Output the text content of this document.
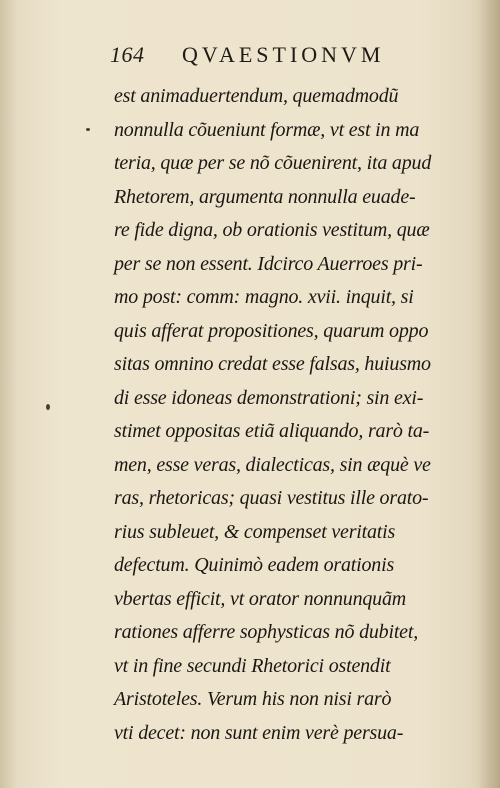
164 QVAESTIONVM
est animaduertendum, quemadmodũ
nonnulla cõueniunt formæ, vt est in ma
teria, quæ per se nõ cõuenirent, ita apud
Rhetorem, argumenta nonnulla euade-
re fide digna, ob orationis vestitum, quæ
per se non essent. Idcirco Auerroes pri-
mo post: comm: magno. xvii. inquit, si
quis afferat propositiones, quarum oppo
sitas omnino credat esse falsas, huiusmo
di esse idoneas demonstrationi; sin exi-
stimet oppositas etiã aliquando, rarò ta-
men, esse veras, dialecticas, sin æquè ve
ras, rhetoricas; quasi vestitus ille orato-
rius subleuet, & compenset veritatis
defectum. Quinimò eadem orationis
vbertas efficit, vt orator nonnunquãm
rationes afferre sophysticas nõ dubitet,
vt in fine secundi Rhetorici ostendit
Aristoteles. Verum his non nisi rarò
vti decet: non sunt enim verè persua-
